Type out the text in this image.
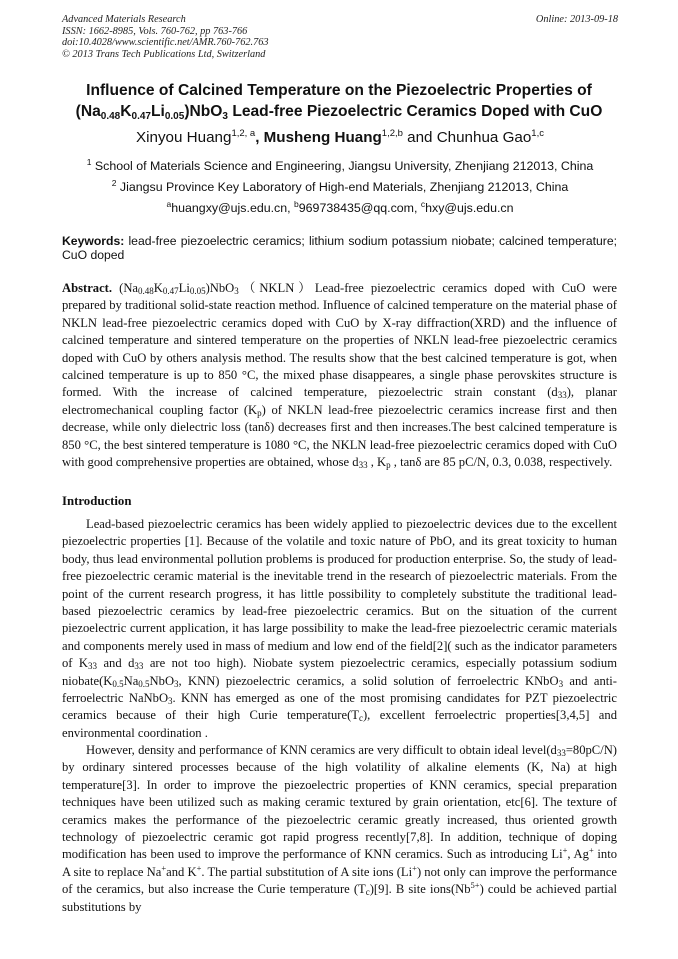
Advanced Materials Research
ISSN: 1662-8985, Vols. 760-762, pp 763-766
doi:10.4028/www.scientific.net/AMR.760-762.763
© 2013 Trans Tech Publications Ltd, Switzerland
Online: 2013-09-18
Influence of Calcined Temperature on the Piezoelectric Properties of
$(Na_{0.48}K_{0.47}Li_{0.05})NbO_3$ Lead-free Piezoelectric Ceramics Doped with CuO
Xinyou Huang$^{1,2, a}$, Musheng Huang$^{1,2,b}$ and Chunhua Gao$^{1,c}$
$^1$ School of Materials Science and Engineering, Jiangsu University, Zhenjiang 212013, China
$^2$ Jiangsu Province Key Laboratory of High-end Materials, Zhenjiang 212013, China
$^a$huangxy@ujs.edu.cn, $^b$969738435@qq.com, $^c$hxy@ujs.edu.cn
Keywords: lead-free piezoelectric ceramics; lithium sodium potassium niobate; calcined temperature; CuO doped
Abstract. $(Na_{0.48}K_{0.47}Li_{0.05})NbO_3(NKLN)Lead$-free piezoelectric ceramics doped with CuO were prepared by traditional solid-state reaction method. Influence of calcined temperature on the material phase of NKLN lead-free piezoelectric ceramics doped with CuO by X-ray diffraction(XRD) and the influence of calcined temperature and sintered temperature on the properties of NKLN lead-free piezoelectric ceramics doped with CuO by others analysis method. The results show that the best calcined temperature is got, when calcined temperature is up to 850 °C, the mixed phase disappeares, a single phase perovskites structure is formed. With the increase of calcined temperature, piezoelectric strain constant $(d_{33})$, planar electromechanical coupling factor $(K_p)$ of NKLN lead-free piezoelectric ceramics increase first and then decrease, while only dielectric loss (tanδ) decreases first and then increases.The best calcined temperature is 850 °C, the best sintered temperature is 1080 °C, the NKLN lead-free piezoelectric ceramics doped with CuO with good comprehensive properties are obtained, whose $d_{33}$ , $K_p$ , tanδ are 85 pC/N, 0.3, 0.038, respectively.
Introduction

Lead-based piezoelectric ceramics has been widely applied to piezoelectric devices due to the excellent piezoelectric properties [1]. Because of the volatile and toxic nature of PbO, and its great toxicity to human body, thus lead environmental pollution problems is produced for production enterprise. So, the study of lead-free piezoelectric ceramic material is the inevitable trend in the research of piezoelectric materials. From the point of the current research progress, it has little possibility to completely substitute the traditional lead-based piezoelectric ceramics by lead-free piezoelectric ceramics. But on the situation of the current piezoelectric current application, it has large possibility to make the lead-free piezoelectric ceramic materials and components merely used in mass of medium and low end of the field[2]( such as the indicator parameters of $K_{33}$ and $d_{33}$ are not too high). Niobate system piezoelectric ceramics, especially potassium sodium $niobate(K_{0.5}Na_{0.5}NbO_3$, KNN) piezoelectric ceramics, a solid solution of ferroelectric KNbO$_3$ and anti-ferroelectric NaNbO$_3$. KNN has emerged as one of the most promising candidates for PZT piezoelectric ceramics because of their high Curie $temperature(T_c)$, excellent ferroelectric properties[3,4,5] and environmental coordination .

However, density and performance of KNN ceramics are very difficult to obtain ideal $level(d_{33}=80pC/N)$ by ordinary sintered processes because of the high volatility of alkaline elements (K, Na) at high temperature[3]. In order to improve the piezoelectric properties of KNN ceramics, special preparation techniques have been utilized such as making ceramic textured by grain orientation, etc[6]. The texture of ceramics makes the performance of the piezoelectric ceramic greatly increased, thus oriented growth technology of piezoelectric ceramic got rapid progress recently[7,8]. In addition, technique of doping modification has been used to improve the performance of KNN ceramics. Such as introducing Li+, Ag+ into A site to replace Na+and K+. The partial substitution of A site ions (Li+) not only can improve the performance of the ceramics, but also increase the Curie temperature $(T_c)[9]$. B site $ions(Nb^{5+})$ could be achieved partial substitutions by
